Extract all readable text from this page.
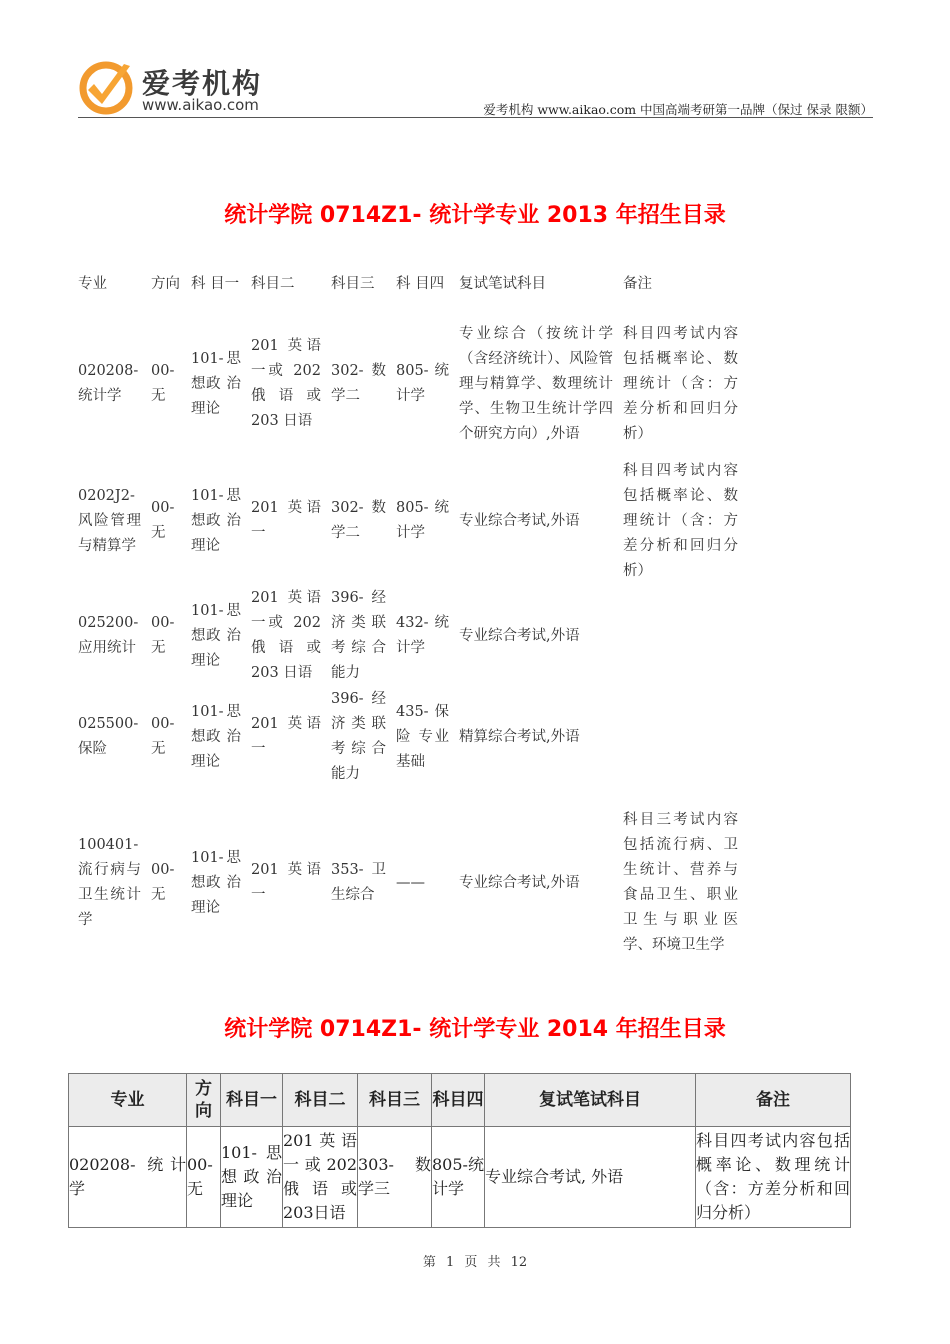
爱考机构
www.aikao.com	爱考机构 www.aikao.com 中国高端考研第一品牌（保过 保录 限额）
统计学院 0714Z1- 统计学专业 2013 年招生目录
专业	方向	科 目一	科目二	科目三	科 目四	复试笔试科目	备注
020208-统计学	00-无	101-思 想政 治理论	201 英语一或 202俄 语 或203 日语	302-数学二	805-统计学	专业综合（按统计学（含经济统计）、风险管理与精算学、数理统计学、生物卫生统计学四个研究方向）,外语	科目四考试内容包括概率论、数理统计（含：方差分析和回归分析）
0202J2-风险管理与精算学	00-无	101-思 想政 治理论	201 英语一	302-数学二	805-统计学	专业综合考试,外语	科目四考试内容包括概率论、数理统计（含：方差分析和回归分析）
025200-应用统计	00-无	101-思 想政 治理论	201 英语一或 202俄 语 或203 日语	396-经济类联考综合能力	432-统计学	专业综合考试,外语	
025500-保险	00-无	101-思 想政 治理论	201 英语一	396-经济类联考综合能力	435-保险 专业 基础	精算综合考试,外语	
100401-流行病与卫生统计学	00-无	101-思 想政 治理论	201 英语一	353-卫生综合	——	专业综合考试,外语	科目三考试内容包括流行病、卫生统计、营养与食品卫生、职业卫生与职业医学、环境卫生学
统计学院 0714Z1- 统计学专业 2014 年招生目录
专业	方向	科目一	科目二	科目三	科目四	复试笔试科目	备注
020208- 统计学	00-无	101-思想政治理论	201英语一或202俄 语 或203日语	303- 数学三	805-统 计学	专业综合考试, 外语	科目四考试内容包括概率论、数理统计（含：方差分析和回归分析）
第 1 页 共 12
